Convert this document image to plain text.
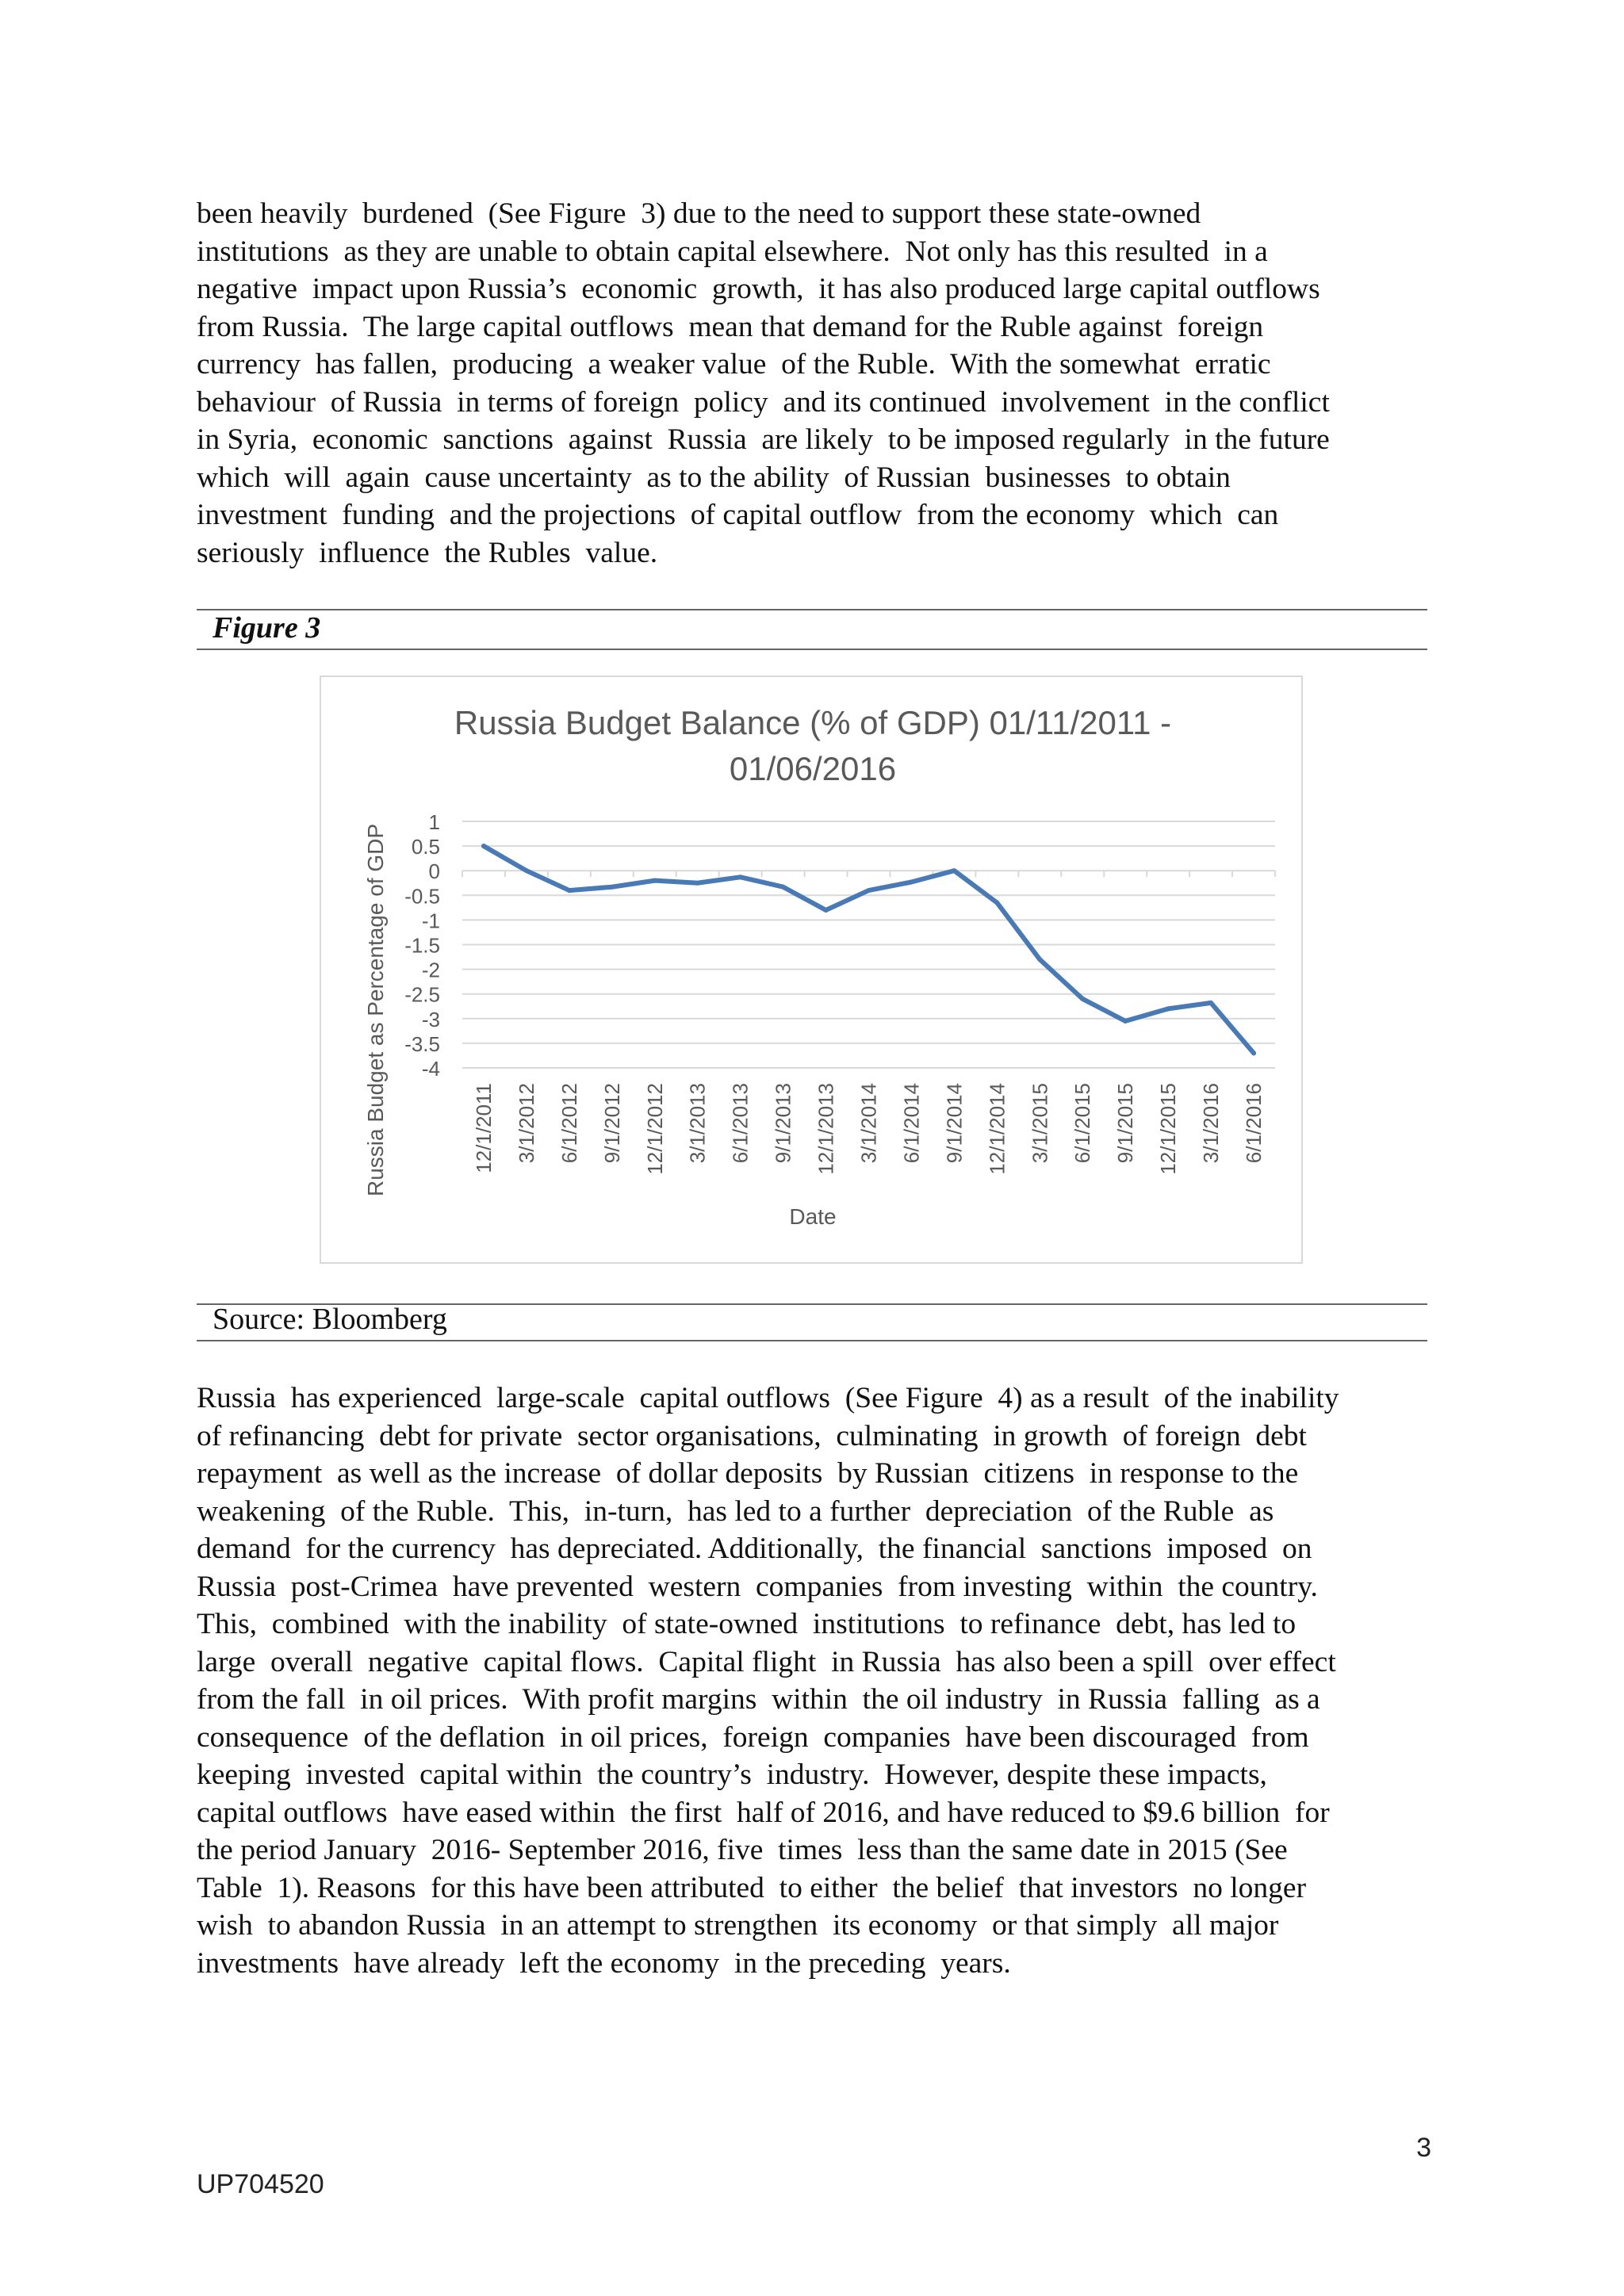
been heavily  burdened  (See Figure  3) due to the need to support these state-owned
institutions  as they are unable to obtain capital elsewhere.  Not only has this resulted  in a
negative  impact upon Russia’s  economic  growth,  it has also produced large capital outflows
from Russia.  The large capital outflows  mean that demand for the Ruble against  foreign
currency  has fallen,  producing  a weaker value  of the Ruble.  With the somewhat  erratic
behaviour  of Russia  in terms of foreign  policy  and its continued  involvement  in the conflict
in Syria,  economic  sanctions  against  Russia  are likely  to be imposed regularly  in the future
which  will  again  cause uncertainty  as to the ability  of Russian  businesses  to obtain
investment  funding  and the projections  of capital outflow  from the economy  which  can
seriously  influence  the Rubles  value.
Figure 3
Russia Budget Balance (% of GDP) 01/11/2011 -
01/06/2016
1
0.5
0
-0.5
-1
-1.5
-2
-2.5
-3
-3.5
-4
12/1/2011 3/1/2012 6/1/2012 9/1/2012 12/1/2012 3/1/2013 6/1/2013 9/1/2013 12/1/2013 3/1/2014 6/1/2014 9/1/2014 12/1/2014 3/1/2015 6/1/2015 9/1/2015 12/1/2015 3/1/2016 6/1/2016
Date
Russia Budget as Percentage of GDP
Source: Bloomberg
Russia  has experienced  large-scale  capital outflows  (See Figure  4) as a result  of the inability
of refinancing  debt for private  sector organisations,  culminating  in growth  of foreign  debt
repayment  as well as the increase  of dollar deposits  by Russian  citizens  in response to the
weakening  of the Ruble.  This,  in-turn,  has led to a further  depreciation  of the Ruble  as
demand  for the currency  has depreciated. Additionally,  the financial  sanctions  imposed  on
Russia  post-Crimea  have prevented  western  companies  from investing  within  the country.
This,  combined  with the inability  of state-owned  institutions  to refinance  debt, has led to
large  overall  negative  capital flows.  Capital flight  in Russia  has also been a spill  over effect
from the fall  in oil prices.  With profit margins  within  the oil industry  in Russia  falling  as a
consequence  of the deflation  in oil prices,  foreign  companies  have been discouraged  from
keeping  invested  capital within  the country’s  industry.  However, despite these impacts,
capital outflows  have eased within  the first  half of 2016, and have reduced to $9.6 billion  for
the period January  2016- September 2016, five  times  less than the same date in 2015 (See
Table  1). Reasons  for this have been attributed  to either  the belief  that investors  no longer
wish  to abandon Russia  in an attempt to strengthen  its economy  or that simply  all major
investments  have already  left the economy  in the preceding  years.
3
UP704520
